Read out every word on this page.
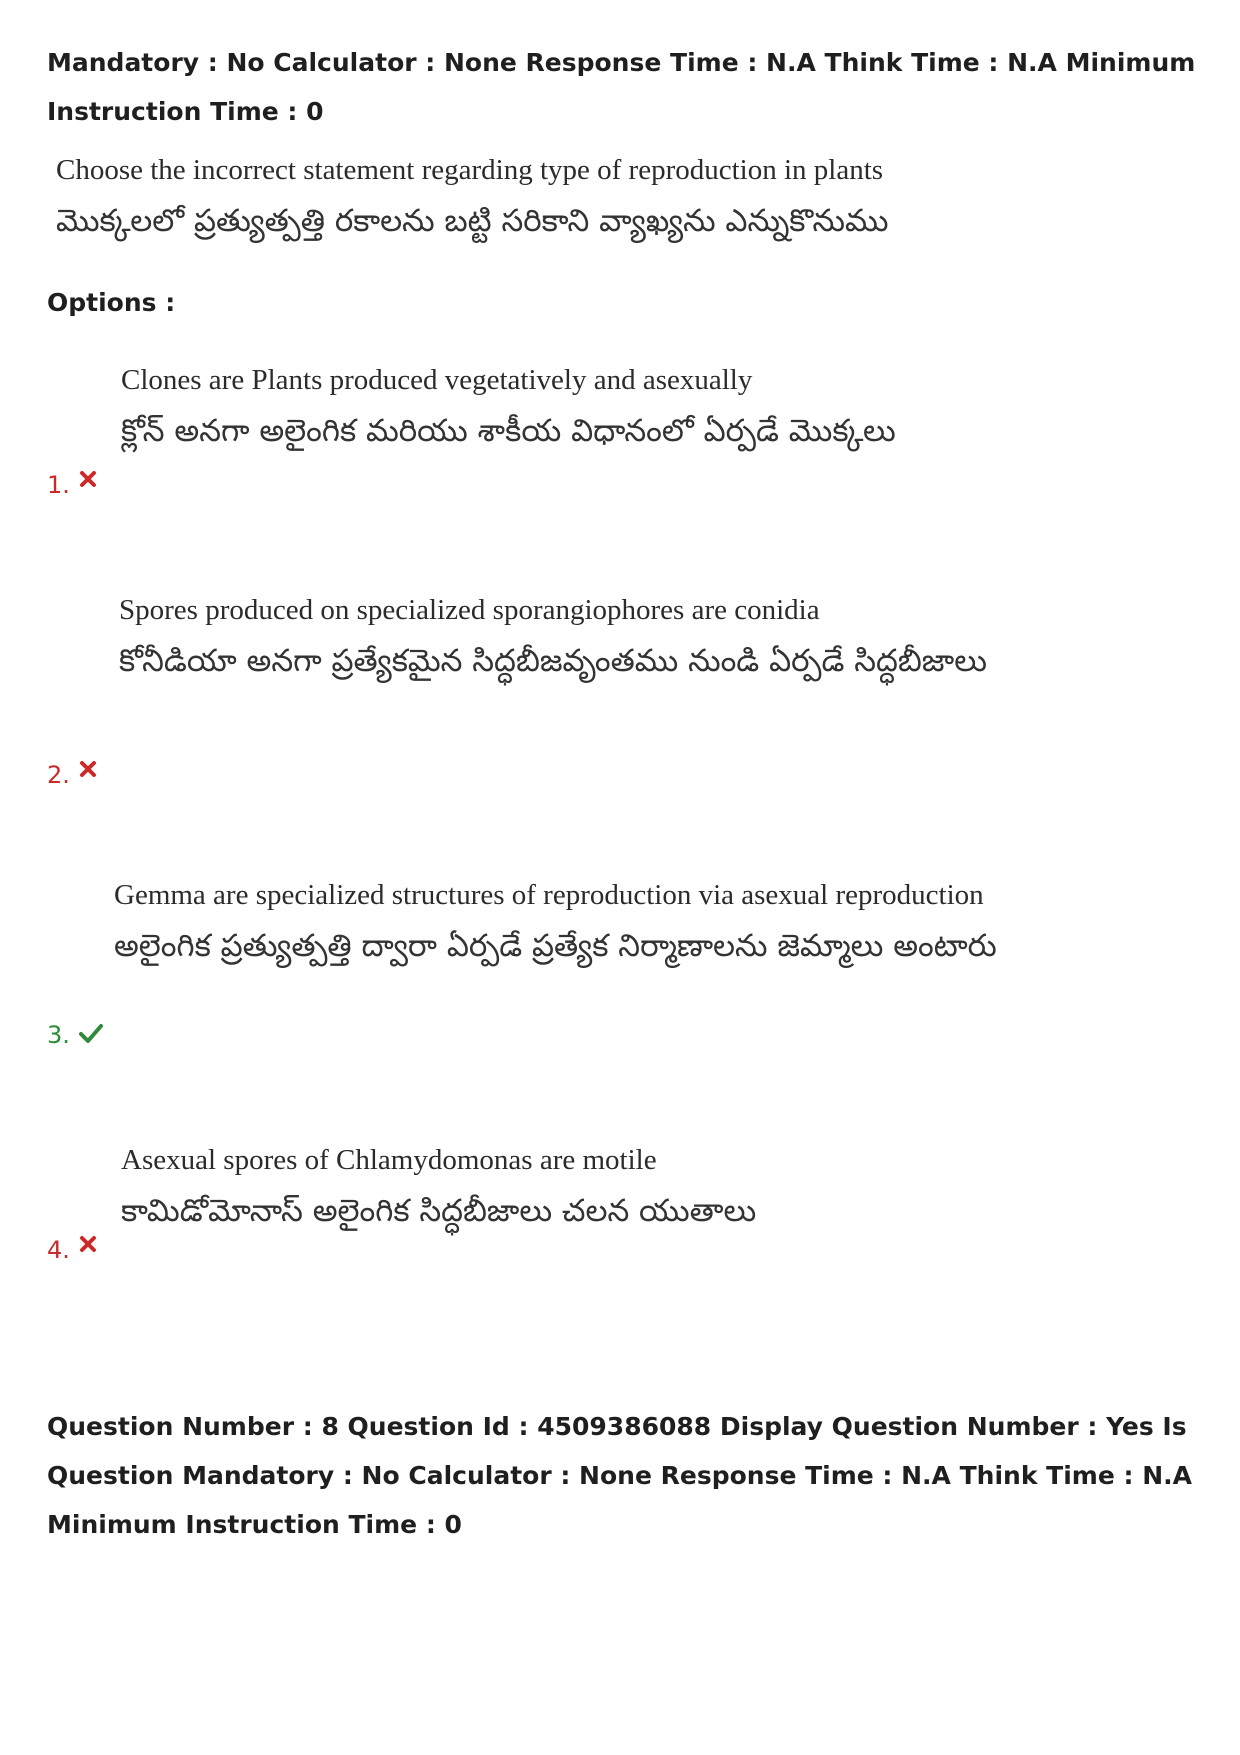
Mandatory : No Calculator : None Response Time : N.A Think Time : N.A Minimum Instruction Time : 0

Choose the incorrect statement regarding type of reproduction in plants
మొక్కలలో ప్రత్యుత్పత్తి రకాలను బట్టి సరికాని వ్యాఖ్యను ఎన్నుకొనుము

Options :

Clones are Plants produced vegetatively and asexually
క్లోన్ అనగా అలైంగిక మరియు శాకీయ విధానంలో ఏర్పడే మొక్కలు
1.
Spores produced on specialized sporangiophores are conidia
కోనీడియా అనగా ప్రత్యేకమైన సిద్ధబీజవృంతము నుండి ఏర్పడే సిద్ధబీజాలు
2.
Gemma are specialized structures of reproduction via asexual reproduction
అలైంగిక ప్రత్యుత్పత్తి ద్వారా ఏర్పడే ప్రత్యేక నిర్మాణాలను జెమ్మాలు అంటారు
3.
Asexual spores of Chlamydomonas are motile
కామిడోమోనాస్ అలైంగిక సిద్ధబీజాలు చలన యుతాలు
4.

Question Number : 8 Question Id : 4509386088 Display Question Number : Yes Is Question Mandatory : No Calculator : None Response Time : N.A Think Time : N.A Minimum Instruction Time : 0
